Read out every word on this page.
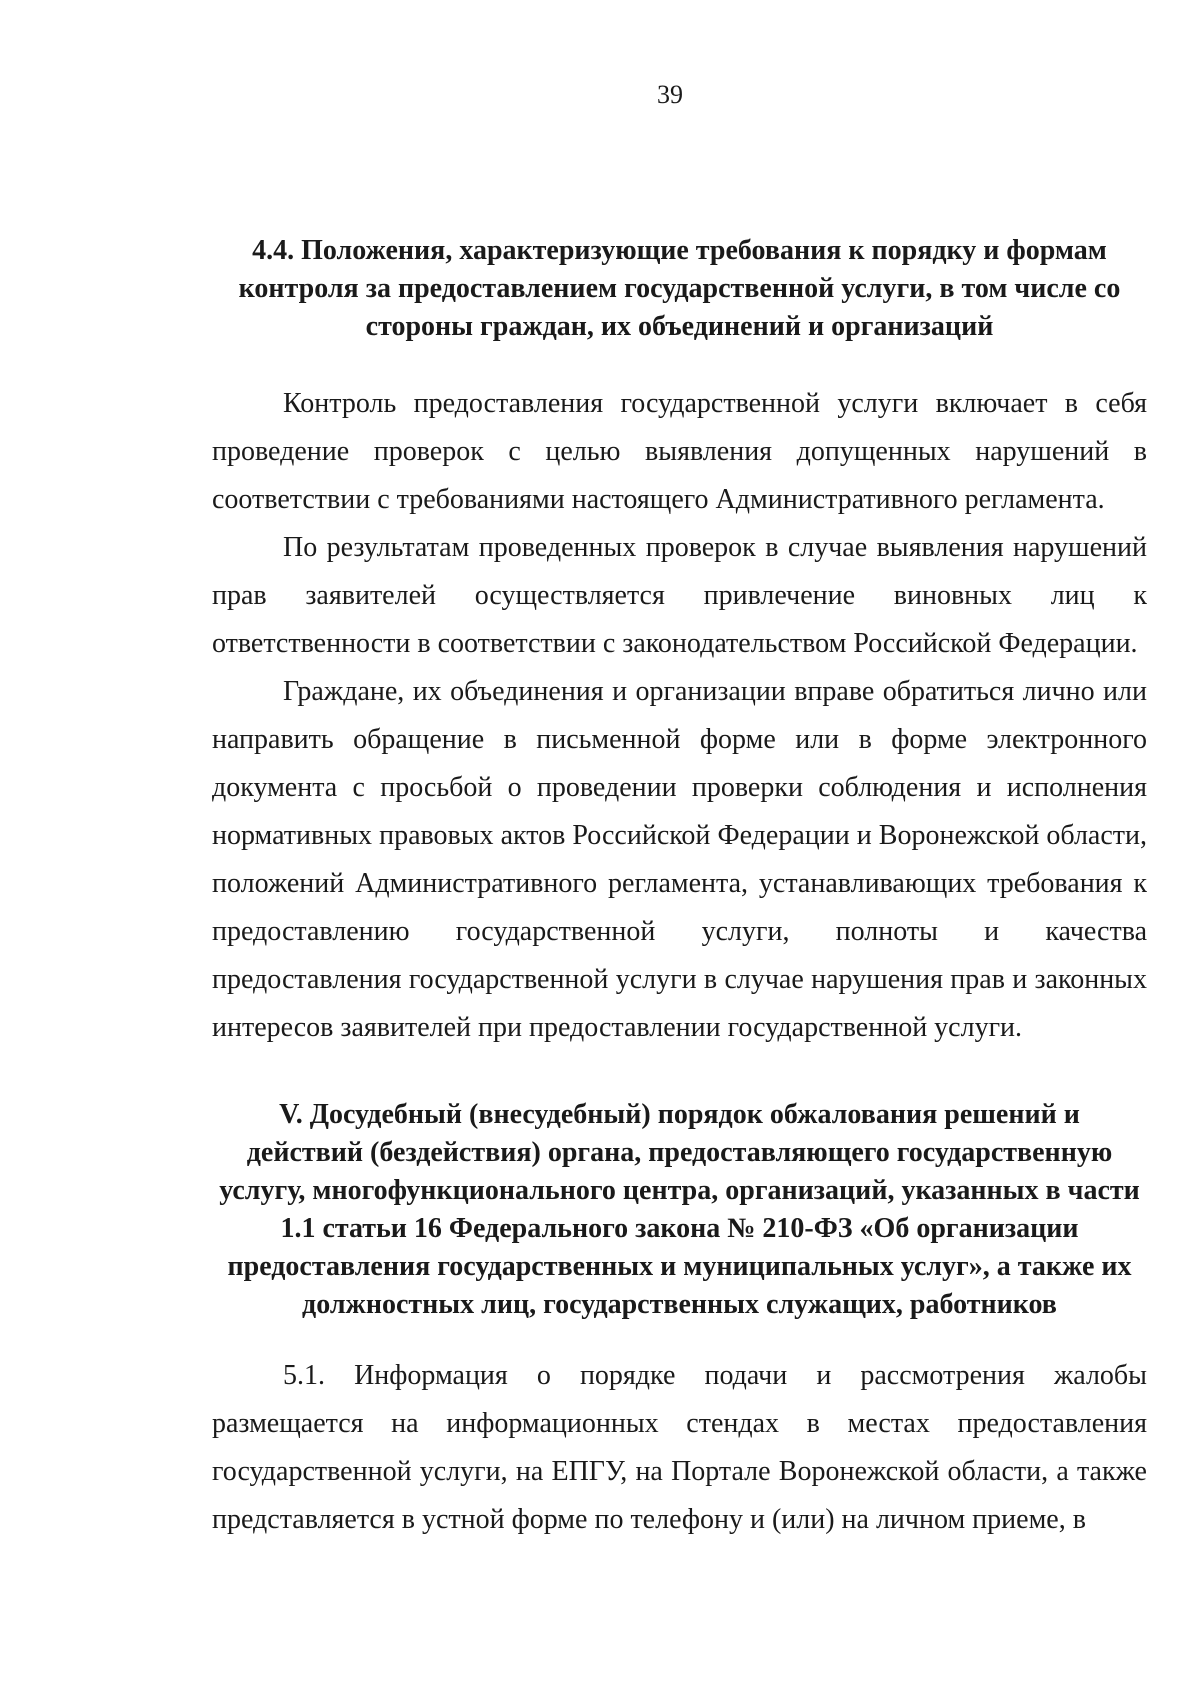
39
4.4. Положения, характеризующие требования к порядку и формам
контроля за предоставлением государственной услуги, в том числе со
стороны граждан, их объединений и организаций

Контроль предоставления государственной услуги включает в себя проведение проверок с целью выявления допущенных нарушений в соответствии с требованиями настоящего Административного регламента.

По результатам проведенных проверок в случае выявления нарушений прав заявителей осуществляется привлечение виновных лиц к ответственности в соответствии с законодательством Российской Федерации.

Граждане, их объединения и организации вправе обратиться лично или направить обращение в письменной форме или в форме электронного документа с просьбой о проведении проверки соблюдения и исполнения нормативных правовых актов Российской Федерации и Воронежской области, положений Административного регламента, устанавливающих требования к предоставлению государственной услуги, полноты и качества предоставления государственной услуги в случае нарушения прав и законных интересов заявителей при предоставлении государственной услуги.

V. Досудебный (внесудебный) порядок обжалования решений и
действий (бездействия) органа, предоставляющего государственную
услугу, многофункционального центра, организаций, указанных в части
1.1 статьи 16 Федерального закона № 210-ФЗ «Об организации
предоставления государственных и муниципальных услуг», а также их
должностных лиц, государственных служащих, работников

5.1. Информация о порядке подачи и рассмотрения жалобы размещается на информационных стендах в местах предоставления государственной услуги, на ЕПГУ, на Портале Воронежской области, а также представляется в устной форме по телефону и (или) на личном приеме, в
